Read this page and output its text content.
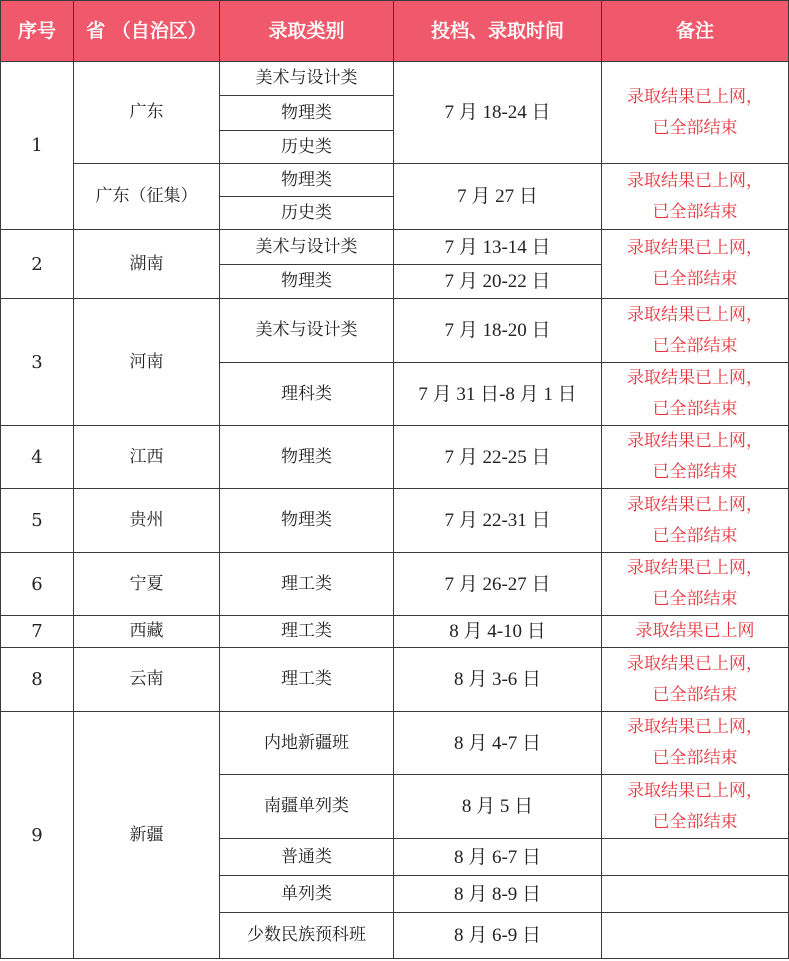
序号	省 （自治区）	录取类别	投档、录取时间	备注
1	广东	美术与设计类	7 月 18-24 日	录取结果已上网，
已全部结束

		物理类		
		历史类		
	广东（征集）	物理类	7 月 27 日	录取结果已上网，
已全部结束

		历史类		
2	湖南	美术与设计类	7 月 13-14 日	录取结果已上网，
已全部结束

		物理类	7 月 20-22 日	
3	河南	美术与设计类	7 月 18-20 日	录取结果已上网，
已全部结束

		理科类	7 月 31 日-8 月 1 日	录取结果已上网，
已全部结束

4	江西	物理类	7 月 22-25 日	录取结果已上网，
已全部结束

5	贵州	物理类	7 月 22-31 日	录取结果已上网，
已全部结束

6	宁夏	理工类	7 月 26-27 日	录取结果已上网，
已全部结束

7	西藏	理工类	8 月 4-10 日	录取结果已上网
8	云南	理工类	8 月 3-6 日	录取结果已上网，
已全部结束

9	新疆	内地新疆班	8 月 4-7 日	录取结果已上网，
已全部结束

		南疆单列类	8 月 5 日	录取结果已上网，
已全部结束

		普通类	8 月 6-7 日	
		单列类	8 月 8-9 日	
		少数民族预科班	8 月 6-9 日	
